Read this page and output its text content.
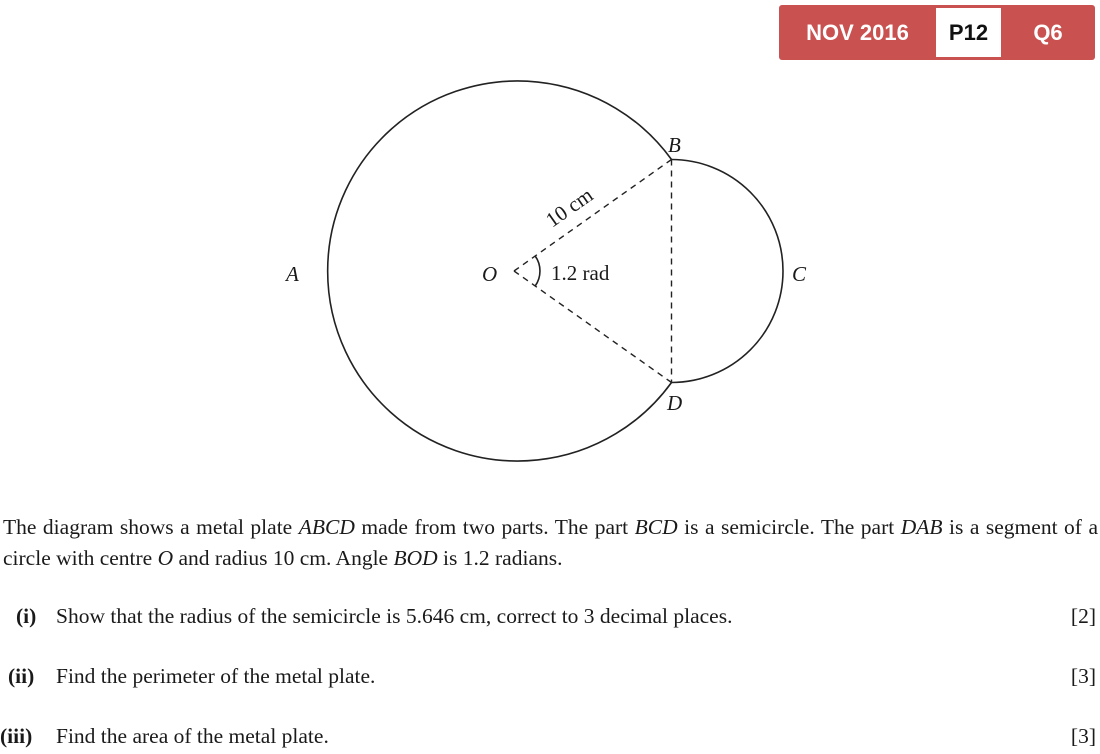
NOV 2016	P12	Q6
A
B
C
D
O
10 cm
1.2 rad

The diagram shows a metal plate ABCD made from two parts. The part BCD is a semicircle. The part DAB is a segment of a circle with centre O and radius 10 cm. Angle BOD is 1.2 radians.

(i) Show that the radius of the semicircle is 5.646 cm, correct to 3 decimal places.	[2]
(ii) Find the perimeter of the metal plate.	[3]
(iii) Find the area of the metal plate.	[3]
